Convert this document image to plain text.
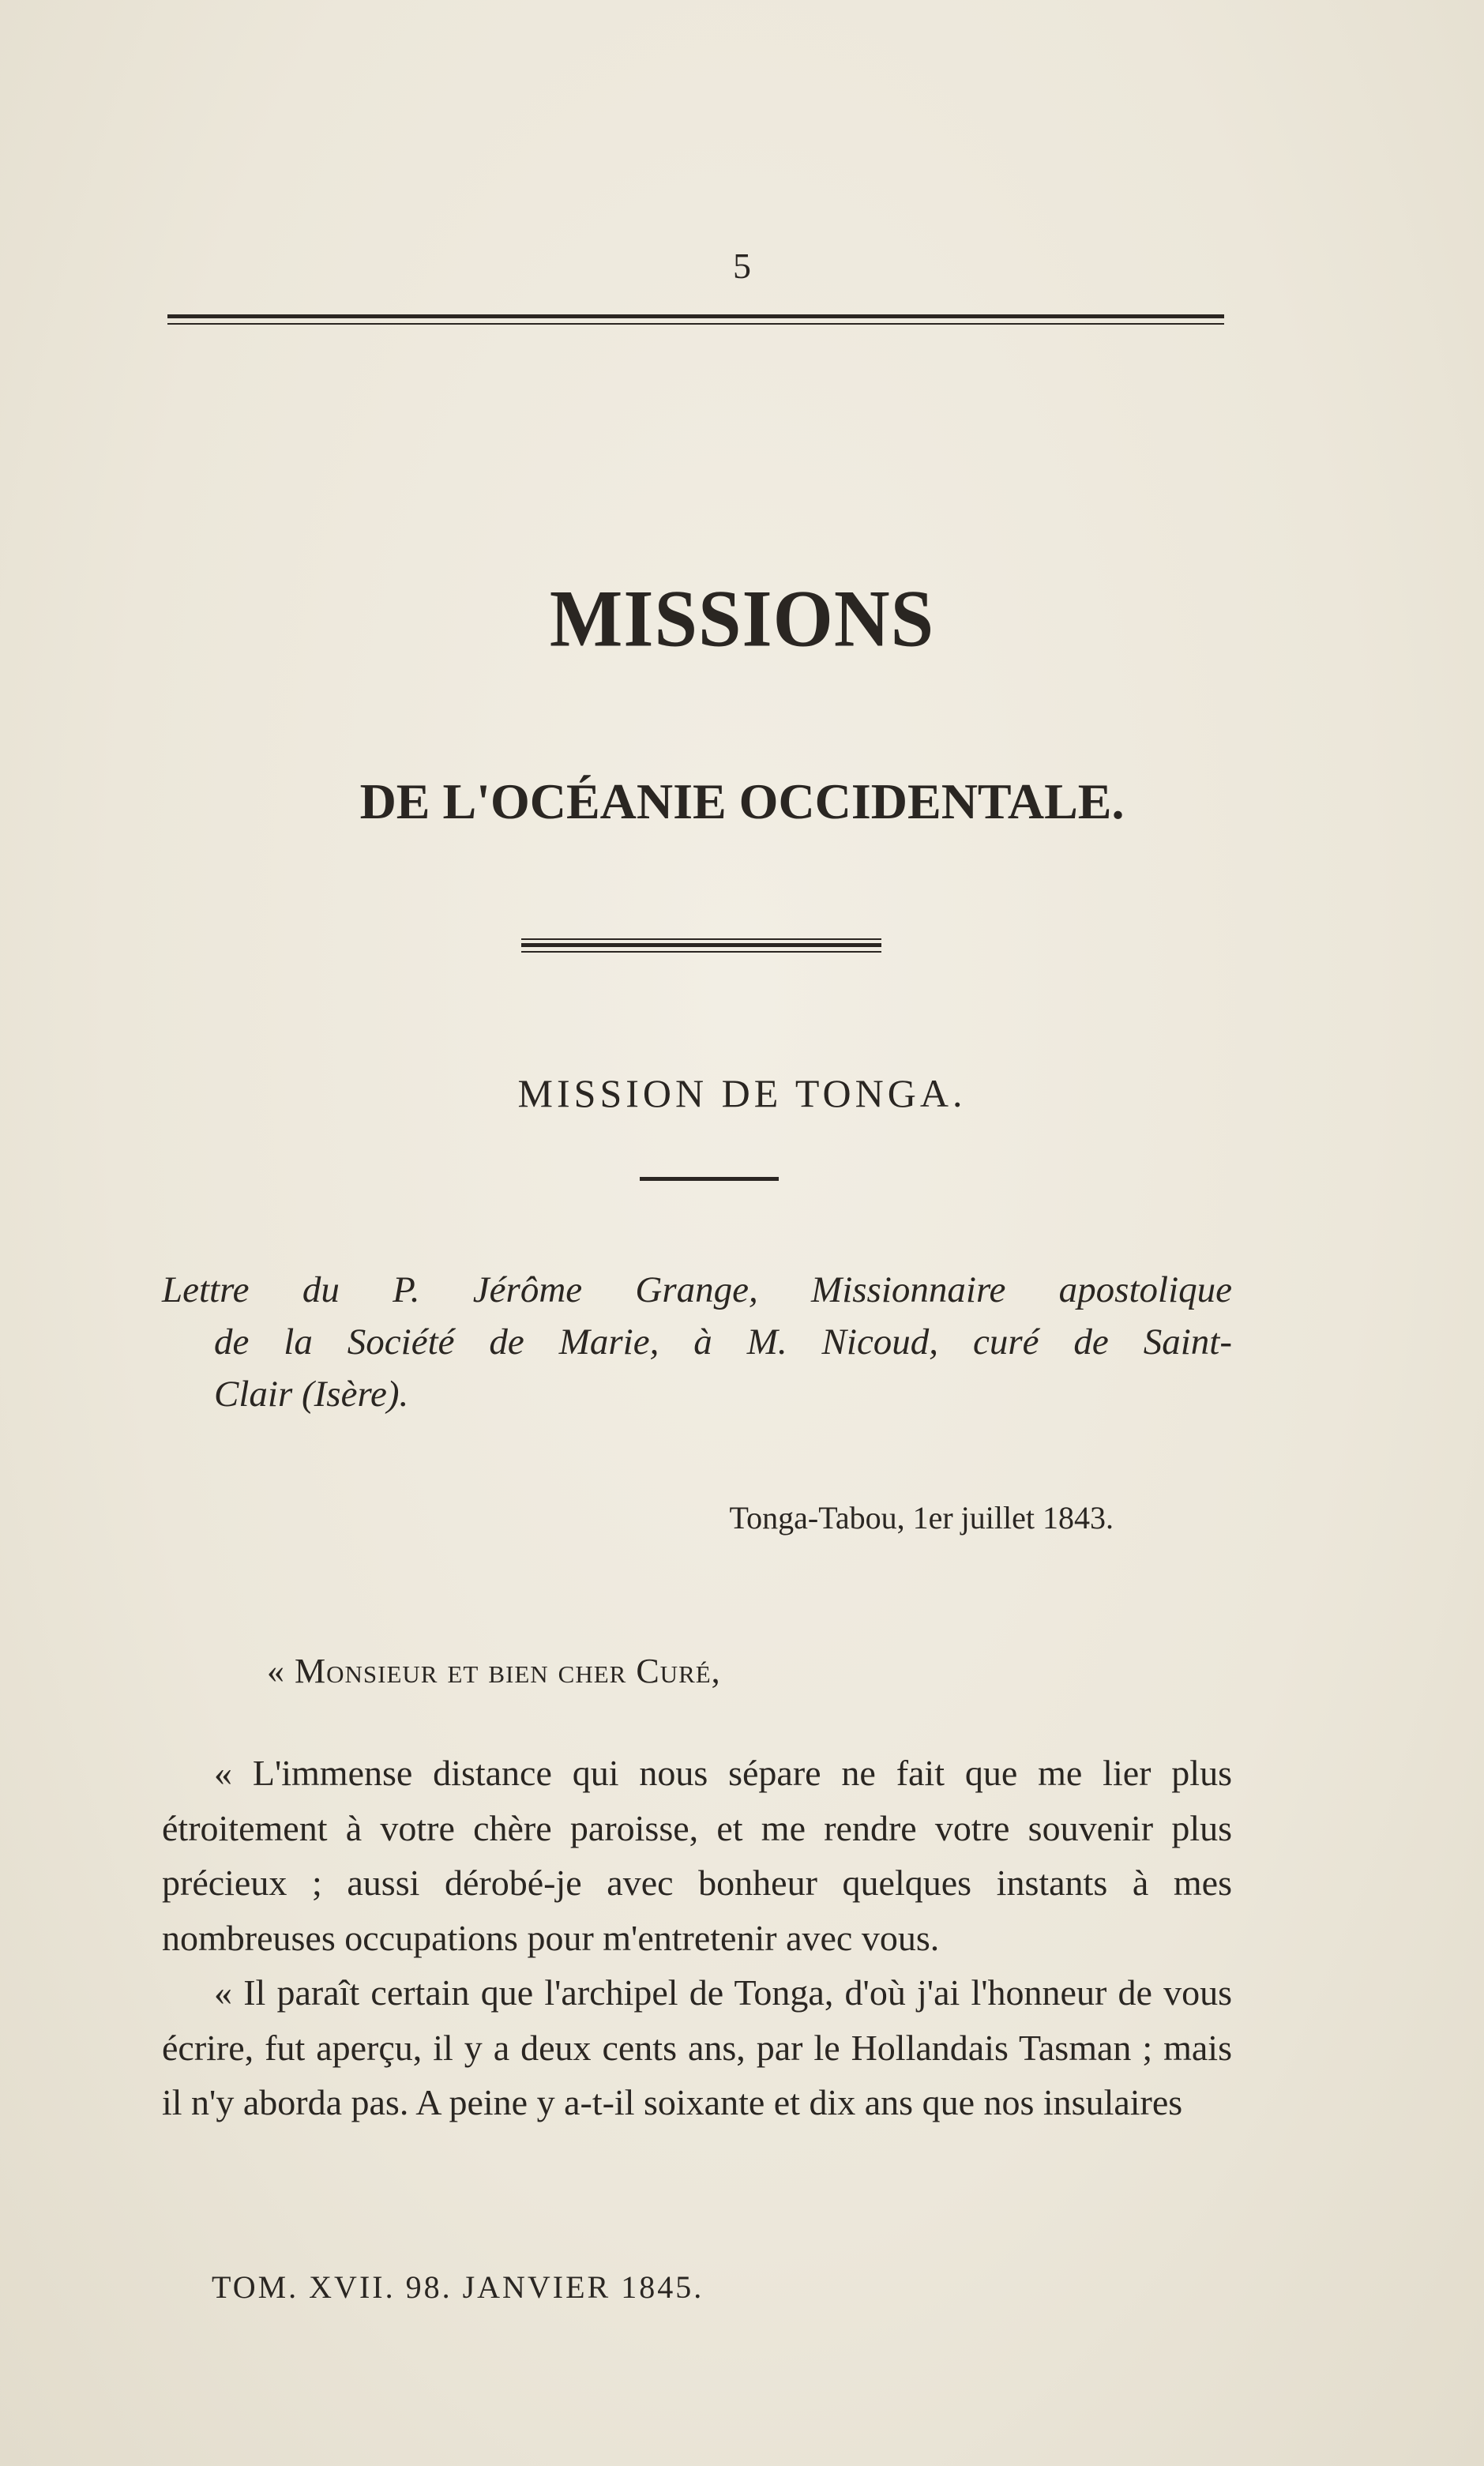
5
MISSIONS
DE L'OCÉANIE OCCIDENTALE.
MISSION DE TONGA.
Lettre du P. Jérôme Grange, Missionnaire apostolique
de la Société de Marie, à M. Nicoud, curé de Saint-
Clair (Isère).
Tonga-Tabou, 1er juillet 1843.
« Monsieur et bien cher Curé,

« L'immense distance qui nous sépare ne fait que me lier plus étroitement à votre chère paroisse, et me rendre votre souvenir plus précieux ; aussi dérobé-je avec bonheur quelques instants à mes nombreuses occupations pour m'entretenir avec vous.

« Il paraît certain que l'archipel de Tonga, d'où j'ai l'honneur de vous écrire, fut aperçu, il y a deux cents ans, par le Hollandais Tasman ; mais il n'y aborda pas. A peine y a-t-il soixante et dix ans que nos insulaires

TOM. XVII. 98. JANVIER 1845.
